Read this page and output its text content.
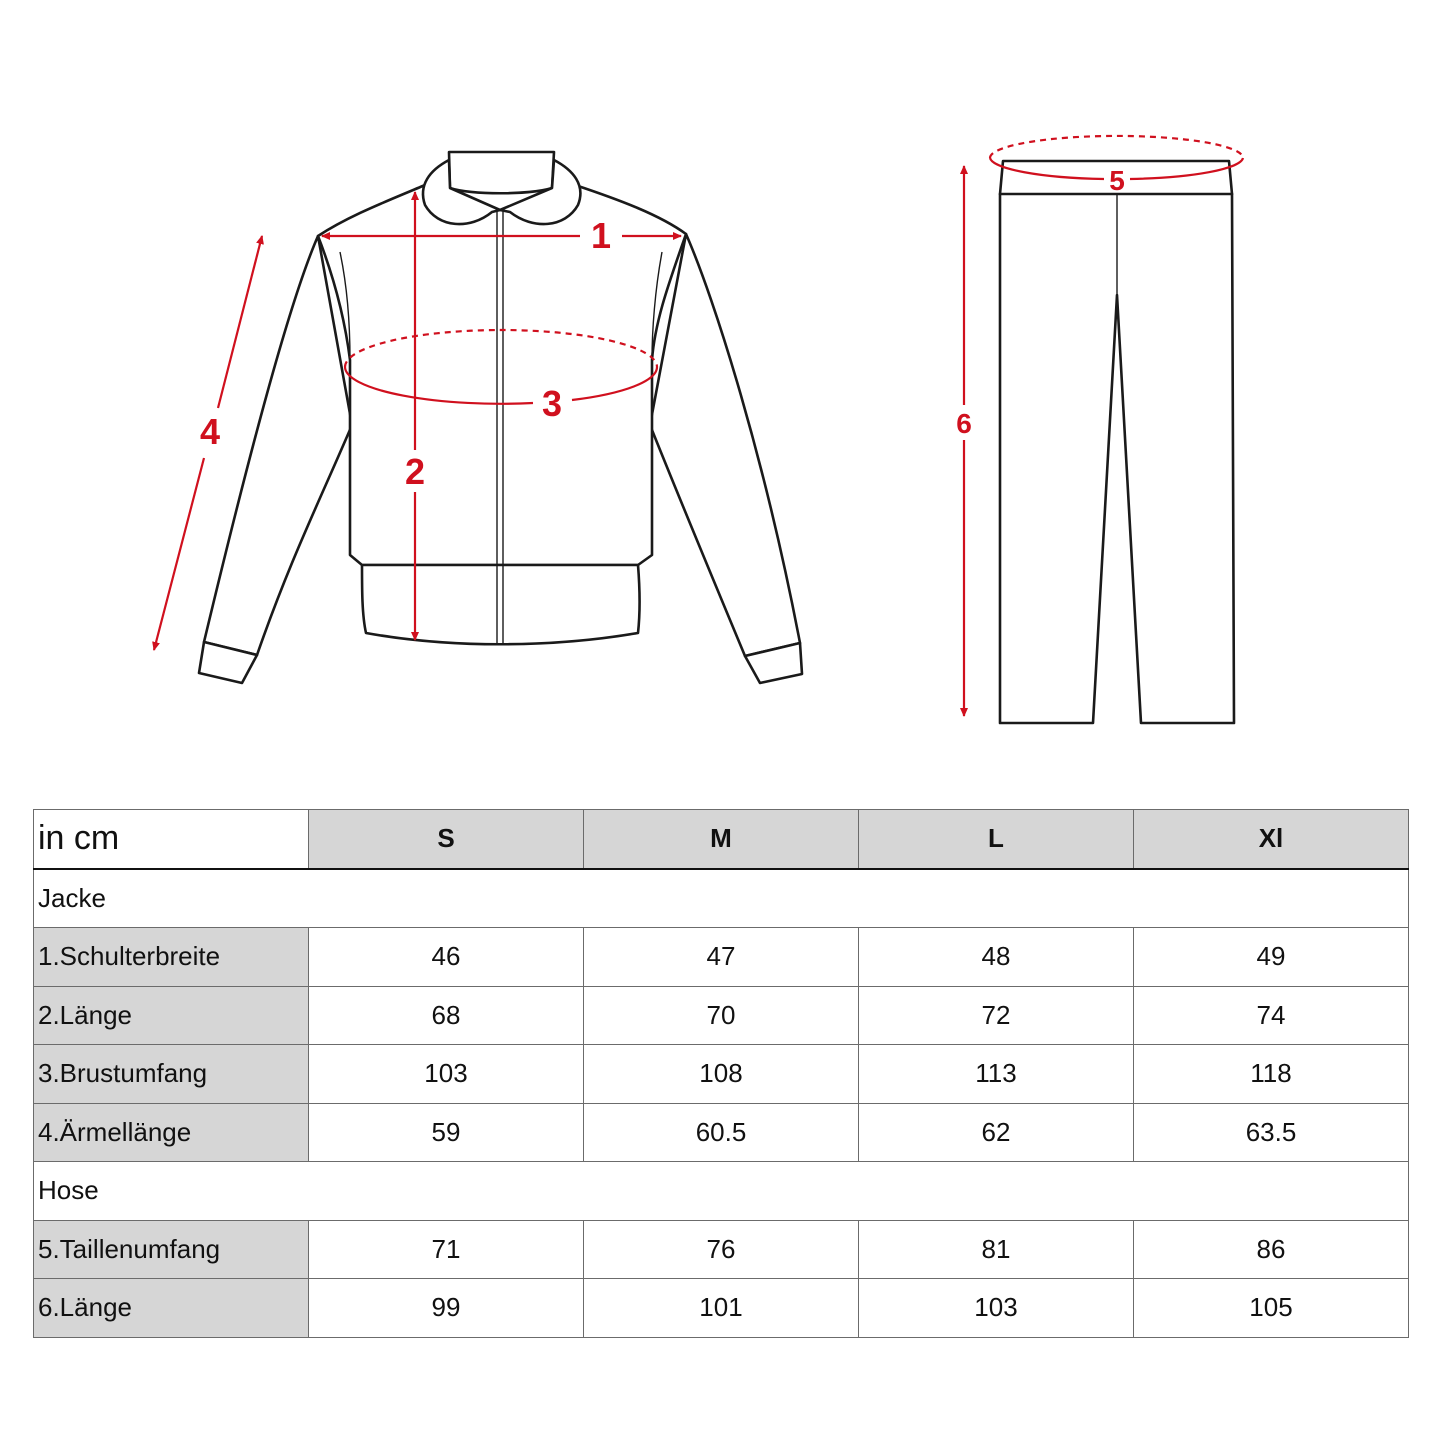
1
2
3
4
5
6
in cm	S	M	L	Xl
Jacke				
1.Schulterbreite	46	47	48	49
2.Länge	68	70	72	74
3.Brustumfang	103	108	113	118
4.Ärmellänge	59	60.5	62	63.5
Hose				
5.Taillenumfang	71	76	81	86
6.Länge	99	101	103	105
